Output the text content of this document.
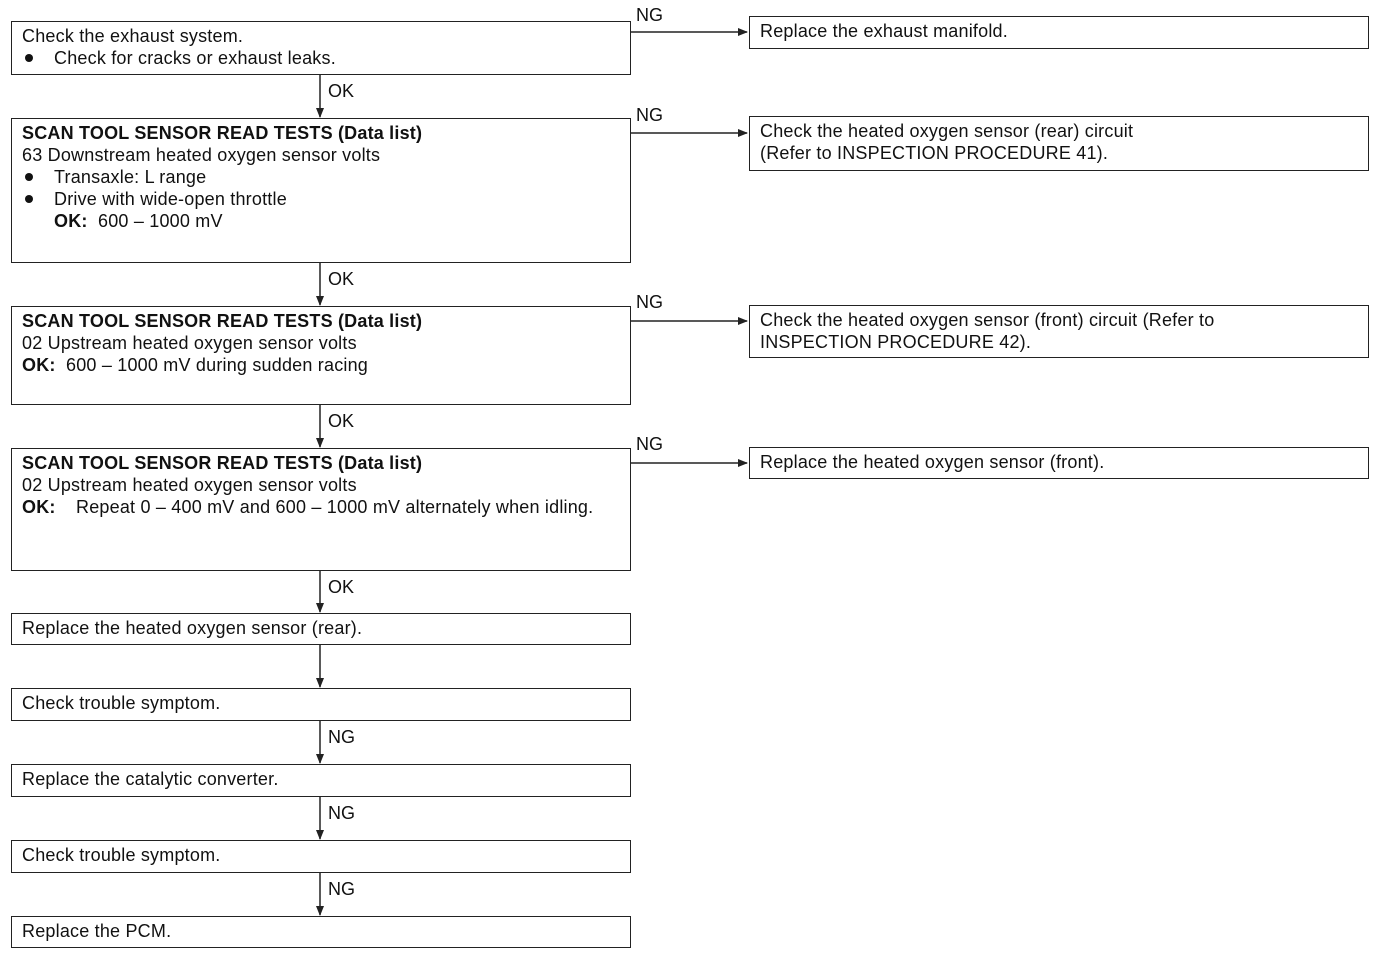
Check the exhaust system.
Check for cracks or exhaust leaks.
SCAN TOOL SENSOR READ TESTS (Data list)
63 Downstream heated oxygen sensor volts
Transaxle: L range
Drive with wide-open throttle
OK: 600 – 1000 mV
SCAN TOOL SENSOR READ TESTS (Data list)
02 Upstream heated oxygen sensor volts
OK: 600 – 1000 mV during sudden racing
SCAN TOOL SENSOR READ TESTS (Data list)
02 Upstream heated oxygen sensor volts
OK: Repeat 0 – 400 mV and 600 – 1000 mV alternately when idling.
Replace the heated oxygen sensor (rear).
Check trouble symptom.
Replace the catalytic converter.
Check trouble symptom.
Replace the PCM.
Replace the exhaust manifold.
Check the heated oxygen sensor (rear) circuit
(Refer to INSPECTION PROCEDURE 41).
Check the heated oxygen sensor (front) circuit (Refer to
INSPECTION PROCEDURE 42).
Replace the heated oxygen sensor (front).
OK
OK
OK
OK
NG
NG
NG
NG
NG
NG
NG
